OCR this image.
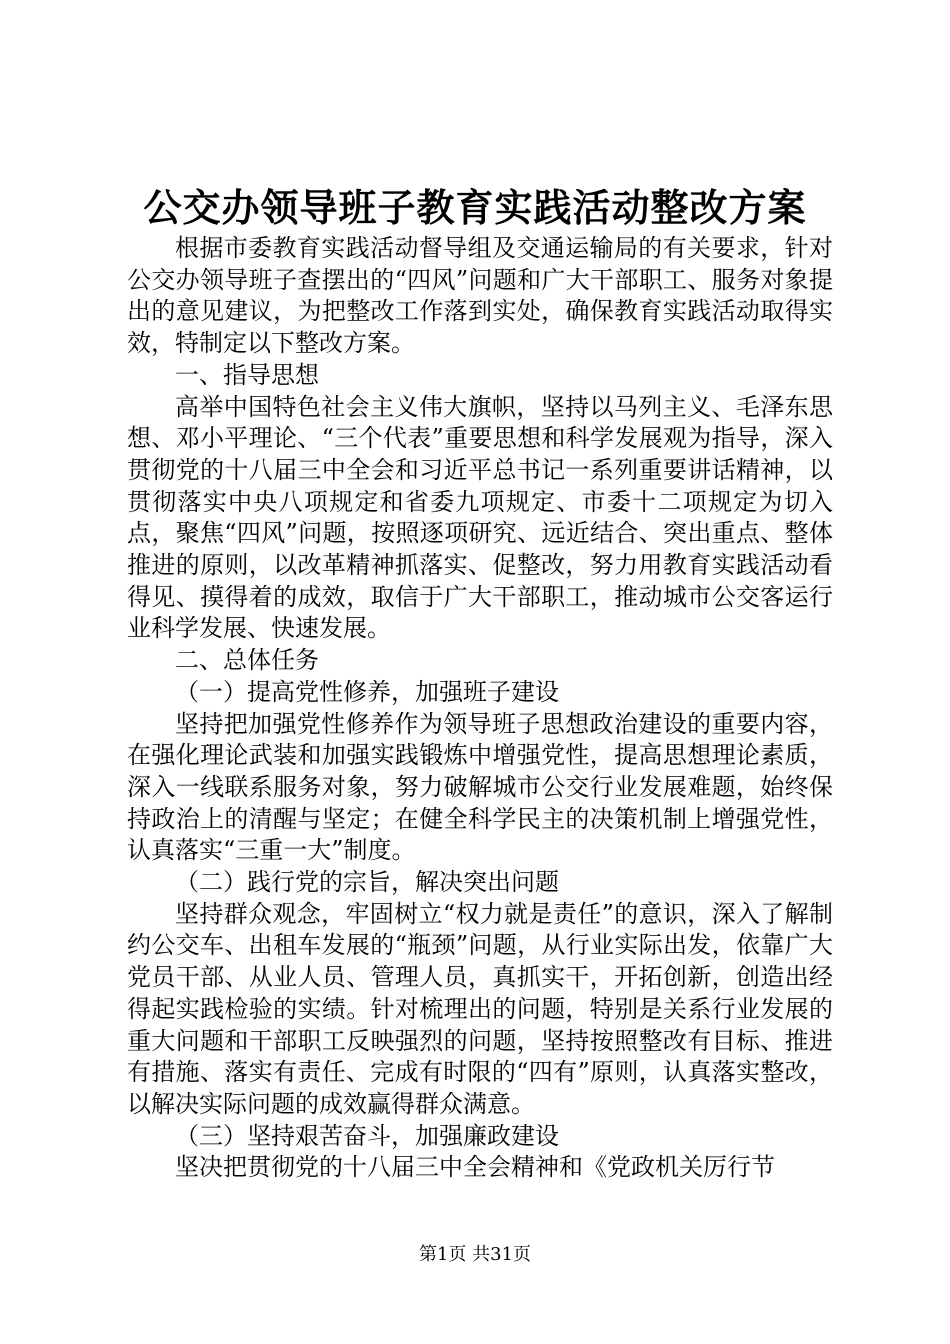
公交办领导班子教育实践活动整改方案

根据市委教育实践活动督导组及交通运输局的有关要求，针对公交办领导班子查摆出的“四风”问题和广大干部职工、服务对象提出的意见建议，为把整改工作落到实处，确保教育实践活动取得实效，特制定以下整改方案。

一、指导思想

高举中国特色社会主义伟大旗帜，坚持以马列主义、毛泽东思想、邓小平理论、“三个代表”重要思想和科学发展观为指导，深入贯彻党的十八届三中全会和习近平总书记一系列重要讲话精神，以贯彻落实中央八项规定和省委九项规定、市委十二项规定为切入点，聚焦“四风”问题，按照逐项研究、远近结合、突出重点、整体推进的原则，以改革精神抓落实、促整改，努力用教育实践活动看得见、摸得着的成效，取信于广大干部职工，推动城市公交客运行业科学发展、快速发展。

二、总体任务

（一）提高党性修养，加强班子建设

坚持把加强党性修养作为领导班子思想政治建设的重要内容，在强化理论武装和加强实践锻炼中增强党性，提高思想理论素质，深入一线联系服务对象，努力破解城市公交行业发展难题，始终保持政治上的清醒与坚定；在健全科学民主的决策机制上增强党性，认真落实“三重一大”制度。

（二）践行党的宗旨，解决突出问题

坚持群众观念，牢固树立“权力就是责任”的意识，深入了解制约公交车、出租车发展的“瓶颈”问题，从行业实际出发，依靠广大党员干部、从业人员、管理人员，真抓实干，开拓创新，创造出经得起实践检验的实绩。针对梳理出的问题，特别是关系行业发展的重大问题和干部职工反映强烈的问题，坚持按照整改有目标、推进有措施、落实有责任、完成有时限的“四有”原则，认真落实整改，以解决实际问题的成效赢得群众满意。

（三）坚持艰苦奋斗，加强廉政建设

坚决把贯彻党的十八届三中全会精神和《党政机关厉行节

第1页 共31页
